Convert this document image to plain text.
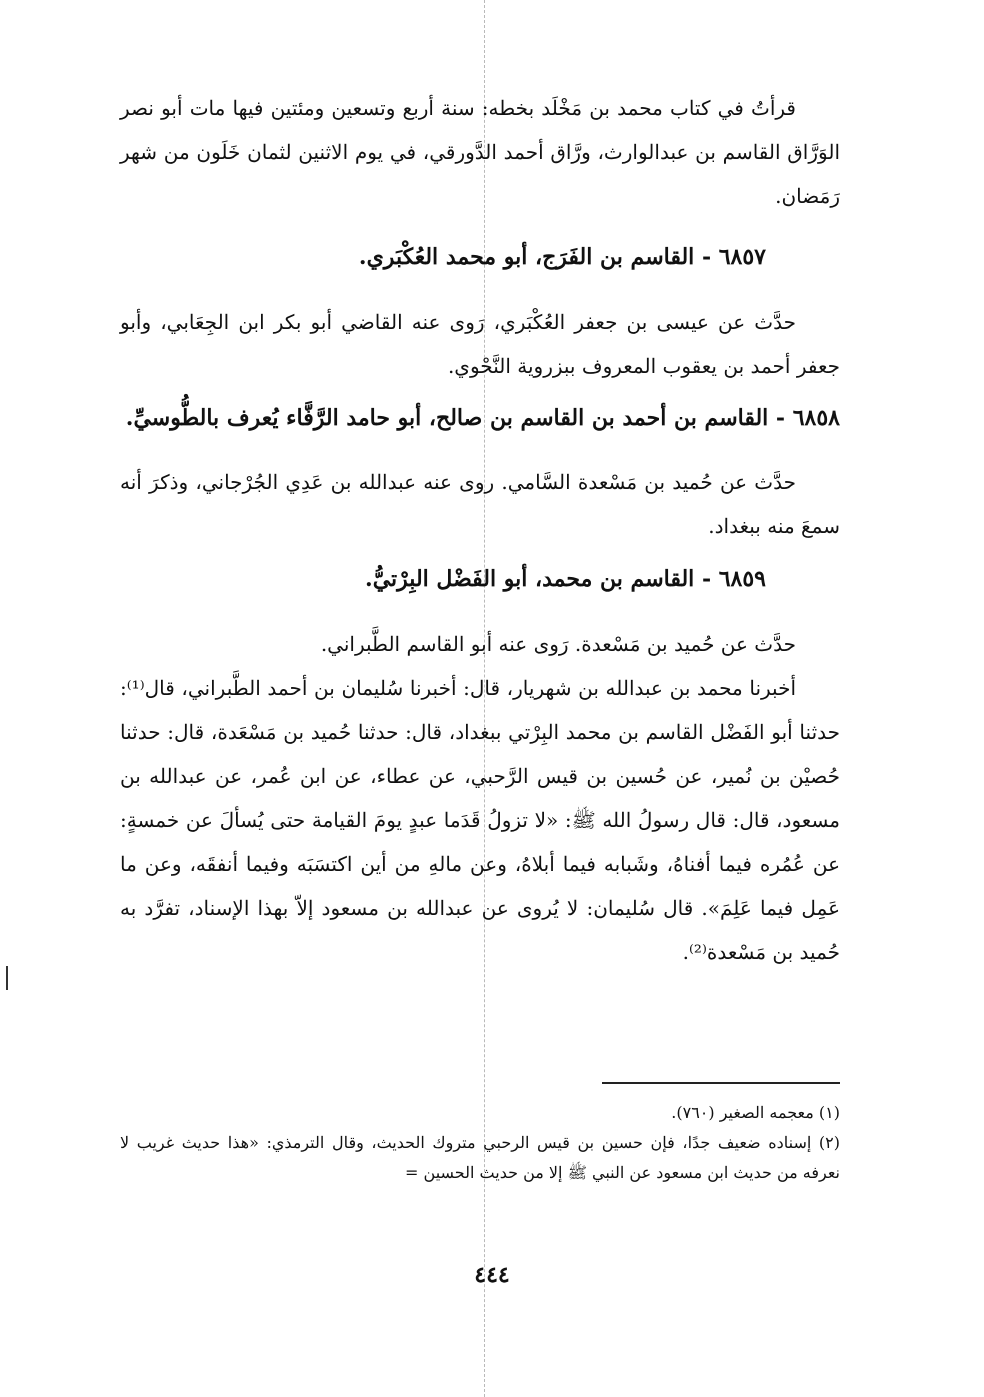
قرأتُ في كتاب محمد بن مَخْلَد بخطه: سنة أربع وتسعين ومئتين فيها مات أبو نصر الوَرَّاق القاسم بن عبدالوارث، ورَّاق أحمد الدَّورقي، في يوم الاثنين لثمان خَلَون من شهر رَمَضان.

٦٨٥٧ - القاسم بن الفَرَج، أبو محمد العُكْبَري.

حدَّث عن عيسى بن جعفر العُكْبَري، رَوى عنه القاضي أبو بكر ابن الجِعَابي، وأبو جعفر أحمد بن يعقوب المعروف ببزروية النَّحْوي.

٦٨٥٨ - القاسم بن أحمد بن القاسم بن صالح، أبو حامد الرَّفَّاء يُعرف بالطُّوسيِّ.

حدَّث عن حُميد بن مَسْعدة السَّامي. روى عنه عبدالله بن عَدِي الجُرْجاني، وذكرَ أنه سمعَ منه ببغداد.

٦٨٥٩ - القاسم بن محمد، أبو الفَضْل البِرْتيُّ.

حدَّث عن حُميد بن مَسْعدة. رَوى عنه أبو القاسم الطَّبراني.

أخبرنا محمد بن عبدالله بن شهريار، قال: أخبرنا سُليمان بن أحمد الطَّبراني، قال⁽¹⁾: حدثنا أبو الفَضْل القاسم بن محمد البِرْتي ببغداد، قال: حدثنا حُميد بن مَسْعَدة، قال: حدثنا حُصيْن بن نُمير، عن حُسين بن قيس الرَّحبي، عن عطاء، عن ابن عُمر، عن عبدالله بن مسعود، قال: قال رسولُ الله ﷺ: «لا تزولُ قَدَما عبدٍ يومَ القيامة حتى يُسألَ عن خمسةٍ: عن عُمُره فيما أفناهُ، وشَبابه فيما أبلاهُ، وعن مالهِ من أين اكتسَبَه وفيما أنفقَه، وعن ما عَمِل فيما عَلِمَ». قال سُليمان: لا يُروى عن عبدالله بن مسعود إلاّ بهذا الإسناد، تفرَّد به حُميد بن مَسْعدة⁽²⁾.

(١) معجمه الصغير (٧٦٠).

(٢) إسناده ضعيف جدًا، فإن حسين بن قيس الرحبي متروك الحديث، وقال الترمذي: «هذا حديث غريب لا نعرفه من حديث ابن مسعود عن النبي ﷺ إلا من حديث الحسين =

٤٤٤
